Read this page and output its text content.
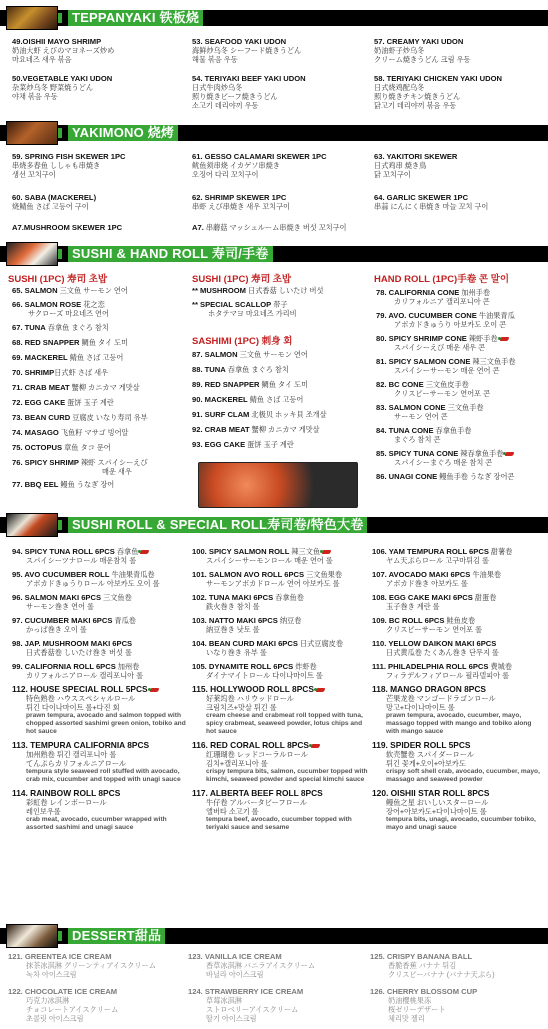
TEPPANYAKI 铁板烧
49.OISHII MAYO SHRIMP
奶油大虾 えびのマヨネーズ炒め
마요네즈 새우 볶음
53. SEAFOOD YAKI UDON
海鲜炒乌冬 シーフード焼きうどん
해물 볶음 우동
57. CREAMY YAKI UDON
奶油虾子炒乌冬
クリーム焼きうどん 크림 우동
50.VEGETABLE YAKI UDON
杂菜炒乌冬 野菜焼うどん
야채 볶음 우동
54. TERIYAKI BEEF YAKI UDON
日式牛肉炒乌冬
照り焼きビーフ焼きうどん
소고기 데리야끼 우동
58. TERIYAKI CHICKEN YAKI UDON
日式烧鸡配乌冬
照り焼きチキン焼きうどん
닭고기 데리야끼 볶음 우동
YAKIMONO 烧烤
59. SPRING FISH SKEWER 1PC
串烧多春鱼 ししゃも串焼き
생선 꼬치구이
61. GESSO CALAMARI SKEWER 1PC
鱿鱼须串烧 イカゲソ串焼き
오징어 다리 꼬치구이
63. YAKITORI SKEWER
日式鸡串 焼き鳥
닭 꼬치구이
60. SABA (MACKEREL)
烧鲭鱼 さば 고등어 구이
62. SHRIMP SKEWER 1PC
串虾 えび串焼き 새우 꼬치구이
64. GARLIC SKEWER 1PC
串蒜 にんにく串焼き 마늘 꼬치 구이
A7.MUSHROOM SKEWER 1PC	A7. 串蘑菇 マッシュルーム串焼き 버섯 꼬치구이
SUSHI & HAND ROLL 寿司/手卷
SUSHI (1PC) 寿司 초밥
65. SALMON 三文鱼 サーモン 연어
66. SALMON ROSE 花之恋
サクローズ 마요네즈 연어
67. TUNA 吞拿鱼 まぐろ 참치
68. RED SNAPPER 鲷鱼 タイ 도미
69. MACKEREL 鲭鱼 さば 고등어
70. SHRIMP日式虾 さば 새우
71. CRAB MEAT 蟹柳 カニカマ 게맛살
72. EGG CAKE 蛋饼 玉子 계란
73. BEAN CURD 豆腐皮 いなり寿司 유부
74. MASAGO 飞鱼籽 マサゴ 빙어알
75. OCTOPUS 章鱼 タコ 문어
76. SPICY SHRIMP 辣虾 スパイシーえび
매운 새우
77. BBQ EEL 鳗鱼 うなぎ 장어
SUSHI (1PC) 寿司 초밥
** MUSHROOM 日式香菇 しいたけ 버섯
** SPECIAL SCALLOP 带子
ホタテマヨ 마요네즈 가리비
SASHIMI (1PC) 刺身 회
87. SALMON 三文鱼 サーモン 연어
88. TUNA 吞拿鱼 まぐろ 참치
89. RED SNAPPER 鲷鱼 タイ 도미
90. MACKEREL 鲭鱼 さば 고등어
91. SURF CLAM 北极贝 ホッキ貝 조개살
92. CRAB MEAT 蟹柳 カニカマ 게맛살
93. EGG CAKE 蛋饼 玉子 계란
HAND ROLL (1PC)手卷 콘 말이
78. CALIFORNIA CONE 加州手卷
カリフォルニア 캘리포니아 콘
79. AVO. CUCUMBER CONE 牛油果青瓜
アボカドきゅうり 아보카도 오이 콘
80. SPICY SHRIMP CONE 辣虾手卷
スパイシーえび 매운 새우 콘
81. SPICY SALMON CONE 辣三文鱼手卷
スパイシーサーモン 매운 연어 콘
82. BC CONE 三文鱼皮手卷
クリスピーサーモン 연어포 콘
83. SALMON CONE 三文鱼手卷
サーモン 연어 콘
84. TUNA CONE 吞拿鱼手卷
まぐろ 참치 콘
85. SPICY TUNA CONE 辣吞拿鱼手卷
スパイシーまぐろ 매운 참치 콘
86. UNAGI CONE 鳗鱼手卷 うなぎ 장어콘
SUSHI ROLL & SPECIAL ROLL寿司卷/特色大卷
94. SPICY TUNA ROLL 6PCS 吞拿鱼
スパイシーツナロール 매운참치 롤
95. AVO CUCUMBER ROLL 牛油果青瓜卷
アボカドきゅうりロール 아보카도 오이 롤
96. SALMON MAKI 6PCS 三文鱼卷
サーモン巻き 연어 롤
97. CUCUMBER MAKI 6PCS 青瓜卷
かっぱ巻き 오이 롤
98. JAP. MUSHROOM MAKI 6PCS
日式香菇卷 しいたけ巻き 버섯 롤
99. CALIFORNIA ROLL 6PCS 加州卷
カリフォルニアロール 캘리포니아 롤
112. HOUSE SPECIAL ROLL 5PCS
特色熟卷 ハウススペシャルロール
튀긴 다이나마이트 롤+다진 회
prawn tempura, avocado and salmon topped with chopped assorted sashimi green onion, tobiko and hot sauce
113. TEMPURA CALIFORNIA 8PCS
加州熟卷 튀긴 캘리포니아 롤
てんぷらカリフォルニアロール
tempura style seaweed roll stuffed with avocado, crab mix, cucumber and topped with unagi sauce
114. RAINBOW ROLL 8PCS
彩虹卷 レインボーロール
레인보우롤
crab meat, avocado, cucumber wrapped with assorted sashimi and unagi sauce
100. SPICY SALMON ROLL 辣三文鱼
スパイシーサーモンロール 매운 연어 롤
101. SALMON AVO ROLL 6PCS 三文鱼果卷
サーモンアボカドロール 연어 아보카도 롤
102. TUNA MAKI 6PCS 吞拿鱼卷
鉄火巻き 참치 롤
103. NATTO MAKI 6PCS 纳豆卷
納豆巻き 낫토 롤
104. BEAN CURD MAKI 6PCS 日式豆腐皮卷
いなり巻き 유부 롤
105. DYNAMITE ROLL 6PCS 炸虾卷
ダイナマイトロール 다이나마이트 롤
115. HOLLYWOOD ROLL 8PCS
好莱坞卷 ハリウッドロール
크림치즈+맛살 튀긴 롤
cream cheese and crabmeat roll topped with tuna, spicy crabmeat, seaweed powder, lotus chips and hot sauce
116. RED CORAL ROLL 8PCS
红珊瑚卷 レッドコーラルロール
김치+캘리포니아 롤
crispy tempura bits, salmon, cucumber topped with kimchi, seaweed powder and special kimchi sauce
117. ALBERTA BEEF ROLL 8PCS
牛仔卷 アルバータビーフロール
앨버타 소고기 롤
tempura beef, avocado, cucumber topped with teriyaki sauce and sesame
106. YAM TEMPURA ROLL 6PCS 甜薯卷
ヤム天ぷらロール 고구마튀김 롤
107. AVOCADO MAKI 6PCS 牛油果卷
アボカド巻き 아보카도 롤
108. EGG CAKE MAKI 6PCS 甜蛋卷
玉子巻き 계란 롤
109. BC ROLL 6PCS 鲑鱼皮卷
クリスピーサーモン 연어포 롤
110. YELLOW DAIKON MAKI 6PCS
日式黄瓜卷 たくあん巻き 단무지 롤
111. PHILADELPHIA ROLL 6PCS 费城卷
フィラデルフィアロール 필라델피아 롤
118. MANGO DRAGON 8PCS
芒果龙卷 マンゴードラゴンロール
망고+다이나마이트 롤
prawn tempura, avocado, cucumber, mayo, massago topped with mango and tobiko along with mango sauce
119. SPIDER ROLL 5PCS
软壳蟹卷 スパイダーロール
튀긴 꽃게+오이+아보카도
crispy soft shell crab, avocado, cucumber, mayo, massago and seaweed powder
120. OISHII STAR ROLL 8PCS
鳗鱼之星 おいしいスターロール
장어+아보카도+다이나마이트 롤
tempura bits, unagi, avocado, cucumber tobiko, mayo and unagi sauce
DESSERT甜品
121. GREENTEA ICE CREAM
抹茶冰淇淋 グリーンティアイスクリーム
녹차 아이스크림
123. VANILLA ICE CREAM
香草冰淇淋 バニラアイスクリーム
바닐라 아이스크림
125. CRISPY BANANA BALL
香脆香蕉 バナナ 튀김
クリスピーバナナ (バナナ天ぷら)
122. CHOCOLATE ICE CREAM
巧克力冰淇淋
チョコレートアイスクリーム
초콜릿 아이스크림
124. STRAWBERRY ICE CREAM
草莓冰淇淋
ストロベリーアイスクリーム
딸기 아이스크림
126. CHERRY BLOSSOM CUP
奶油樱桃果冻
桜ゼリーデザート
체리맛 젤리
